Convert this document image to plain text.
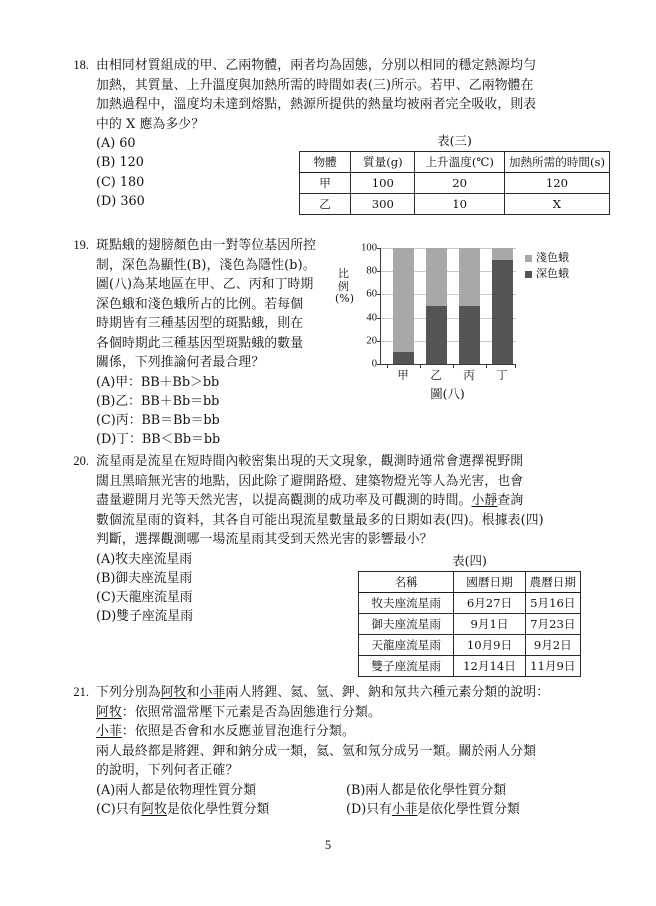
18. 由相同材質組成的甲、乙兩物體，兩者均為固態，分別以相同的穩定熱源均勻
加熱，其質量、上升溫度與加熱所需的時間如表(三)所示。若甲、乙兩物體在
加熱過程中，溫度均未達到熔點，熱源所提供的熱量均被兩者完全吸收，則表
中的 X 應為多少？
(A) 60
(B) 120
(C) 180
(D) 360
表(三)
物體	質量(g)	上升溫度(℃)	加熱所需的時間(s)
甲	100	20	120
乙	300	10	X
19. 斑點蛾的翅膀顏色由一對等位基因所控
制，深色為顯性(B)，淺色為隱性(b)。
圖(八)為某地區在甲、乙、丙和丁時期
深色蛾和淺色蛾所占的比例。若每個
時期皆有三種基因型的斑點蛾，則在
各個時期此三種基因型斑點蛾的數量
關係，下列推論何者最合理？
(A)甲：BB＋Bb＞bb
(B)乙：BB＋Bb＝bb
(C)丙：BB＝Bb＝bb
(D)丁：BB＜Bb＝bb
比
例
(%)
100
80
60
40
20
0
甲 乙 丙 丁
淺色蛾
深色蛾
圖(八)
20. 流星雨是流星在短時間內較密集出現的天文現象，觀測時通常會選擇視野開
闊且黑暗無光害的地點，因此除了避開路燈、建築物燈光等人為光害，也會
盡量避開月光等天然光害，以提高觀測的成功率及可觀測的時間。小靜查詢
數個流星雨的資料，其各自可能出現流星數量最多的日期如表(四)。根據表(四)
判斷，選擇觀測哪一場流星雨其受到天然光害的影響最小？
(A)牧夫座流星雨
(B)御夫座流星雨
(C)天龍座流星雨
(D)雙子座流星雨
表(四)
名稱	國曆日期	農曆日期
牧夫座流星雨	6月27日	5月16日
御夫座流星雨	9月1日	7月23日
天龍座流星雨	10月9日	9月2日
雙子座流星雨	12月14日	11月9日
21. 下列分別為阿牧和小菲兩人將鋰、氦、氫、鉀、鈉和氖共六種元素分類的說明：
阿牧：依照常溫常壓下元素是否為固態進行分類。
小菲：依照是否會和水反應並冒泡進行分類。
兩人最終都是將鋰、鉀和鈉分成一類，氦、氫和氖分成另一類。關於兩人分類
的說明，下列何者正確？
(A)兩人都是依物理性質分類	(B)兩人都是依化學性質分類
(C)只有阿牧是依化學性質分類	(D)只有小菲是依化學性質分類
5
